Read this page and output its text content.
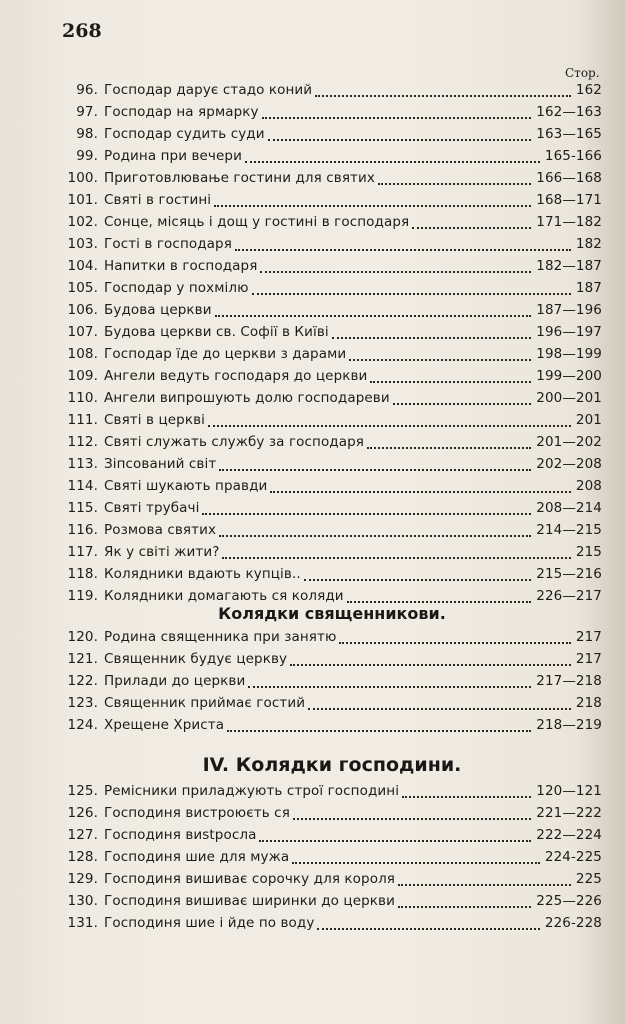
268
Стор.
96. Господар дарує стадо коний	162
97. Господар на ярмарку	162—163
98. Господар судить суди	163—165
99. Родина при вечери	165-166
100. Приготовлювање гостини для святих	166—168
101. Святі в гостині	168—171
102. Сонце, місяць і дощ у гостині в господаря	171—182
103. Гості в господаря	182
104. Напитки в господаря	182—187
105. Господар у похмілю	187
106. Будова церкви	187—196
107. Будова церкви св. Софії в Київі	196—197
108. Господар їде до церкви з дарами	198—199
109. Ангели ведуть господаря до церкви	199—200
110. Ангели випрошують долю господареви	200—201
111. Святі в церкві	201
112. Святі служать службу за господаря	201—202
113. Зіпсований світ	202—208
114. Святі шукають правди	208
115. Святі трубачі	208—214
116. Розмова святих	214—215
117. Як у світі жити?	215
118. Колядники вдають купців..	215—216
119. Колядники домагають ся коляди	226—217
Колядки священникови.
120. Родина священника при занятю	217
121. Священник будує церкву	217
122. Прилади до церкви	217—218
123. Священник приймає гостий	218
124. Хрещене Христа	218—219
IV. Колядки господини.
125. Ремісники приладжують строї господині	120—121
126. Господиня вистроюєть ся	221—222
127. Господиня виstросла	222—224
128. Господиня шие для мужа	224-225
129. Господиня вишиває сорочку для короля	225
130. Господиня вишиває ширинки до церкви	225—226
131. Господиня шие і йде по воду	226-228
